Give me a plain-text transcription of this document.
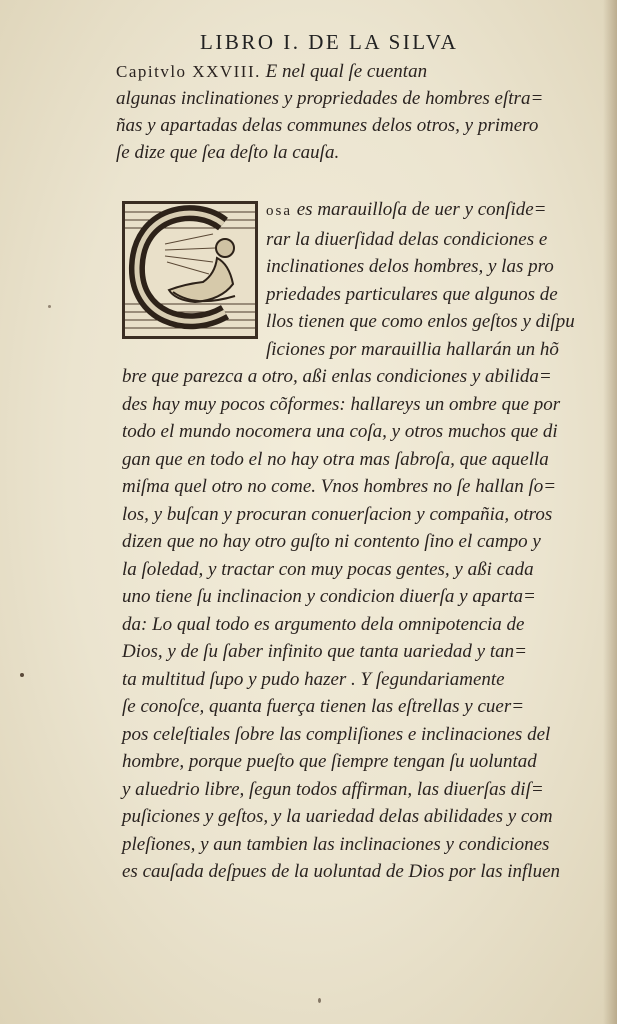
LIBRO I. DE LA SILVA
Capitvlo XXVIII. E nel qual ſe cuentan
algunas inclinationes y propriedades de hombres eſtra=
ñas y apartadas delas communes delos otros, y primero
ſe dize que ſea deſto la cauſa.
osa es marauilloſa de uer y conſide=
rar la diuerſidad delas condiciones e
inclinationes delos hombres, y las pro
priedades particulares que algunos de
llos tienen que como enlos geſtos y diſpu
ſiciones por marauillia hallarán un hõ
bre que parezca a otro, aßi enlas condiciones y abilida=
des hay muy pocos cõformes: hallareys un ombre que por
todo el mundo nocomera una coſa, y otros muchos que di
gan que en todo el no hay otra mas ſabroſa, que aquella
miſma quel otro no come. Vnos hombres no ſe hallan ſo=
los, y buſcan y procuran conuerſacion y compañia, otros
dizen que no hay otro guſto ni contento ſino el campo y
la ſoledad, y tractar con muy pocas gentes, y aßi cada
uno tiene ſu inclinacion y condicion diuerſa y aparta=
da: Lo qual todo es argumento dela omnipotencia de
Dios, y de ſu ſaber infinito que tanta uariedad y tan=
ta multitud ſupo y pudo hazer . Y ſegundariamente
ſe conoſce, quanta fuerça tienen las eſtrellas y cuer=
pos celeſtiales ſobre las compliſiones e inclinaciones del
hombre, porque pueſto que ſiempre tengan ſu uoluntad
y aluedrio libre, ſegun todos affirman, las diuerſas diſ=
puſiciones y geſtos, y la uariedad delas abilidades y com
pleſiones, y aun tambien las inclinaciones y condiciones
es cauſada deſpues de la uoluntad de Dios por las influen
